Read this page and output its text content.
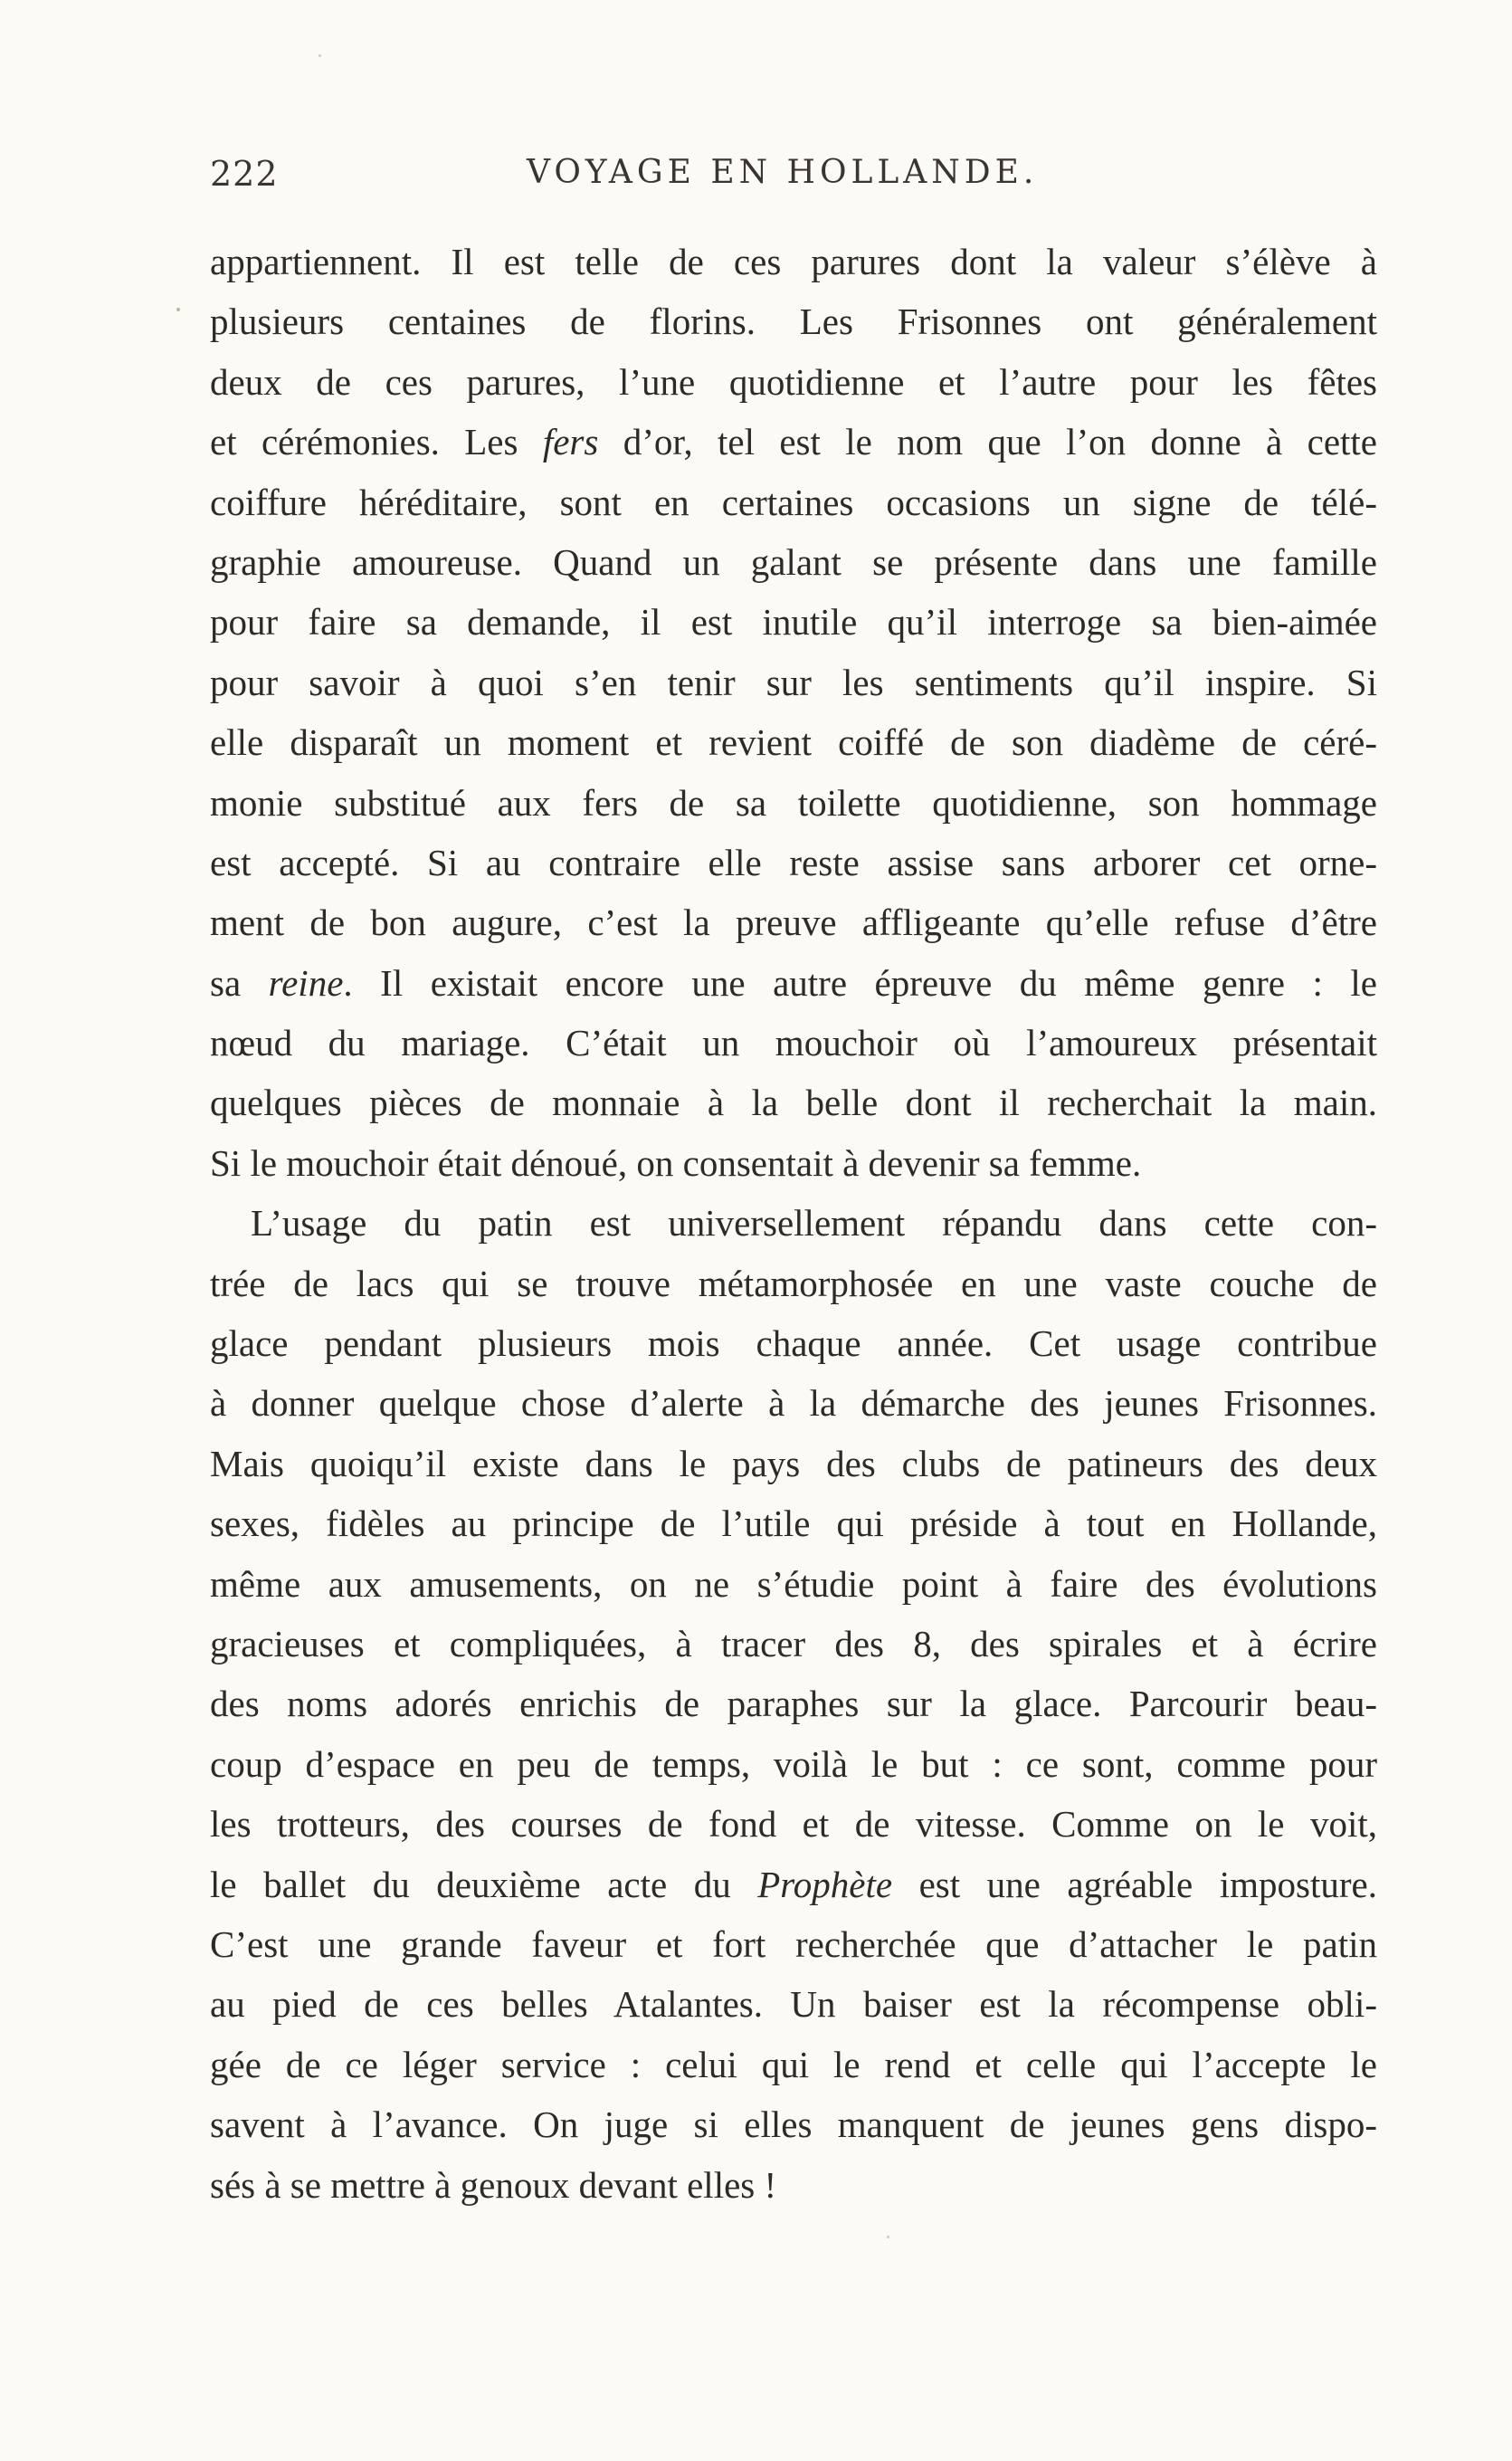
222	VOYAGE EN HOLLANDE.
appartiennent. Il est telle de ces parures dont la valeur s’élève à
plusieurs centaines de florins. Les Frisonnes ont généralement
deux de ces parures, l’une quotidienne et l’autre pour les fêtes
et cérémonies. Les fers d’or, tel est le nom que l’on donne à cette
coiffure héréditaire, sont en certaines occasions un signe de télé-
graphie amoureuse. Quand un galant se présente dans une famille
pour faire sa demande, il est inutile qu’il interroge sa bien-aimée
pour savoir à quoi s’en tenir sur les sentiments qu’il inspire. Si
elle disparaît un moment et revient coiffé de son diadème de céré-
monie substitué aux fers de sa toilette quotidienne, son hommage
est accepté. Si au contraire elle reste assise sans arborer cet orne-
ment de bon augure, c’est la preuve affligeante qu’elle refuse d’être
sa reine. Il existait encore une autre épreuve du même genre : le
nœud du mariage. C’était un mouchoir où l’amoureux présentait
quelques pièces de monnaie à la belle dont il recherchait la main.
Si le mouchoir était dénoué, on consentait à devenir sa femme.
L’usage du patin est universellement répandu dans cette con-
trée de lacs qui se trouve métamorphosée en une vaste couche de
glace pendant plusieurs mois chaque année. Cet usage contribue
à donner quelque chose d’alerte à la démarche des jeunes Frisonnes.
Mais quoiqu’il existe dans le pays des clubs de patineurs des deux
sexes, fidèles au principe de l’utile qui préside à tout en Hollande,
même aux amusements, on ne s’étudie point à faire des évolutions
gracieuses et compliquées, à tracer des 8, des spirales et à écrire
des noms adorés enrichis de paraphes sur la glace. Parcourir beau-
coup d’espace en peu de temps, voilà le but : ce sont, comme pour
les trotteurs, des courses de fond et de vitesse. Comme on le voit,
le ballet du deuxième acte du Prophète est une agréable imposture.
C’est une grande faveur et fort recherchée que d’attacher le patin
au pied de ces belles Atalantes. Un baiser est la récompense obli-
gée de ce léger service : celui qui le rend et celle qui l’accepte le
savent à l’avance. On juge si elles manquent de jeunes gens dispo-
sés à se mettre à genoux devant elles !
